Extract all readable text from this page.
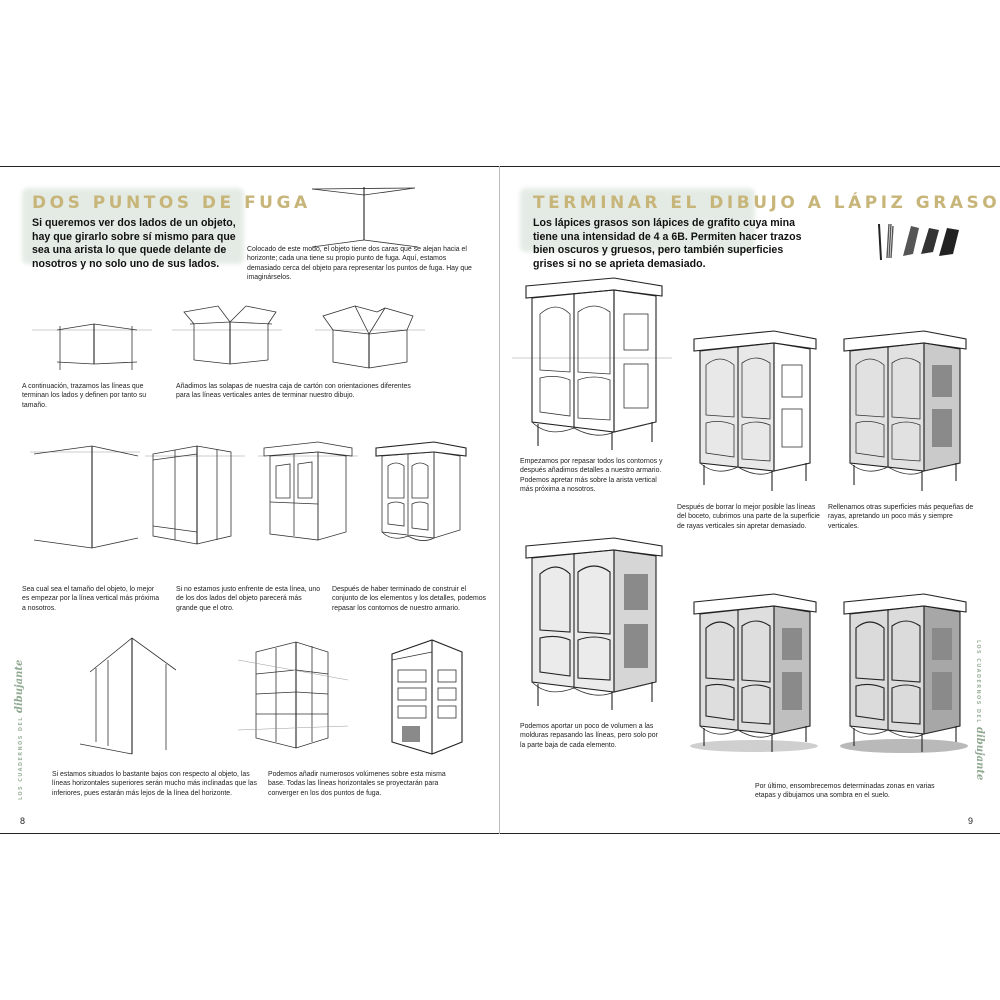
DOS PUNTOS DE FUGA
Si queremos ver dos lados de un objeto, hay que girarlo sobre sí mismo para que sea una arista lo que quede delante de nosotros y no solo uno de sus lados.
Colocado de este modo, el objeto tiene dos caras que se alejan hacia el horizonte; cada una tiene su propio punto de fuga. Aquí, estamos demasiado cerca del objeto para representar los puntos de fuga. Hay que imaginárselos.
A continuación, trazamos las líneas que terminan los lados y definen por tanto su tamaño.
Añadimos las solapas de nuestra caja de cartón con orientaciones diferentes para las líneas verticales antes de terminar nuestro dibujo.
Sea cual sea el tamaño del objeto, lo mejor es empezar por la línea vertical más próxima a nosotros.
Si no estamos justo enfrente de esta línea, uno de los dos lados del objeto parecerá más grande que el otro.
Después de haber terminado de construir el conjunto de los elementos y los detalles, podemos repasar los contornos de nuestro armario.
Si estamos situados lo bastante bajos con respecto al objeto, las líneas horizontales superiores serán mucho más inclinadas que las inferiores, pues estarán más lejos de la línea del horizonte.
Podemos añadir numerosos volúmenes sobre esta misma base. Todas las líneas horizontales se proyectarán para converger en los dos puntos de fuga.
8
LOS CUADERNOS DEL dibujante
TERMINAR EL DIBUJO A LÁPIZ GRASO
Los lápices grasos son lápices de grafito cuya mina tiene una intensidad de 4 a 6B. Permiten hacer trazos bien oscuros y gruesos, pero también superficies grises si no se aprieta demasiado.
Empezamos por repasar todos los contornos y después añadimos detalles a nuestro armario. Podemos apretar más sobre la arista vertical más próxima a nosotros.
Después de borrar lo mejor posible las líneas del boceto, cubrimos una parte de la superficie de rayas verticales sin apretar demasiado.
Rellenamos otras superficies más pequeñas de rayas, apretando un poco más y siempre verticales.
Podemos aportar un poco de volumen a las molduras repasando las líneas, pero solo por la parte baja de cada elemento.
Por último, ensombrecemos determinadas zonas en varias etapas y dibujamos una sombra en el suelo.
9
LOS CUADERNOS DEL dibujante
